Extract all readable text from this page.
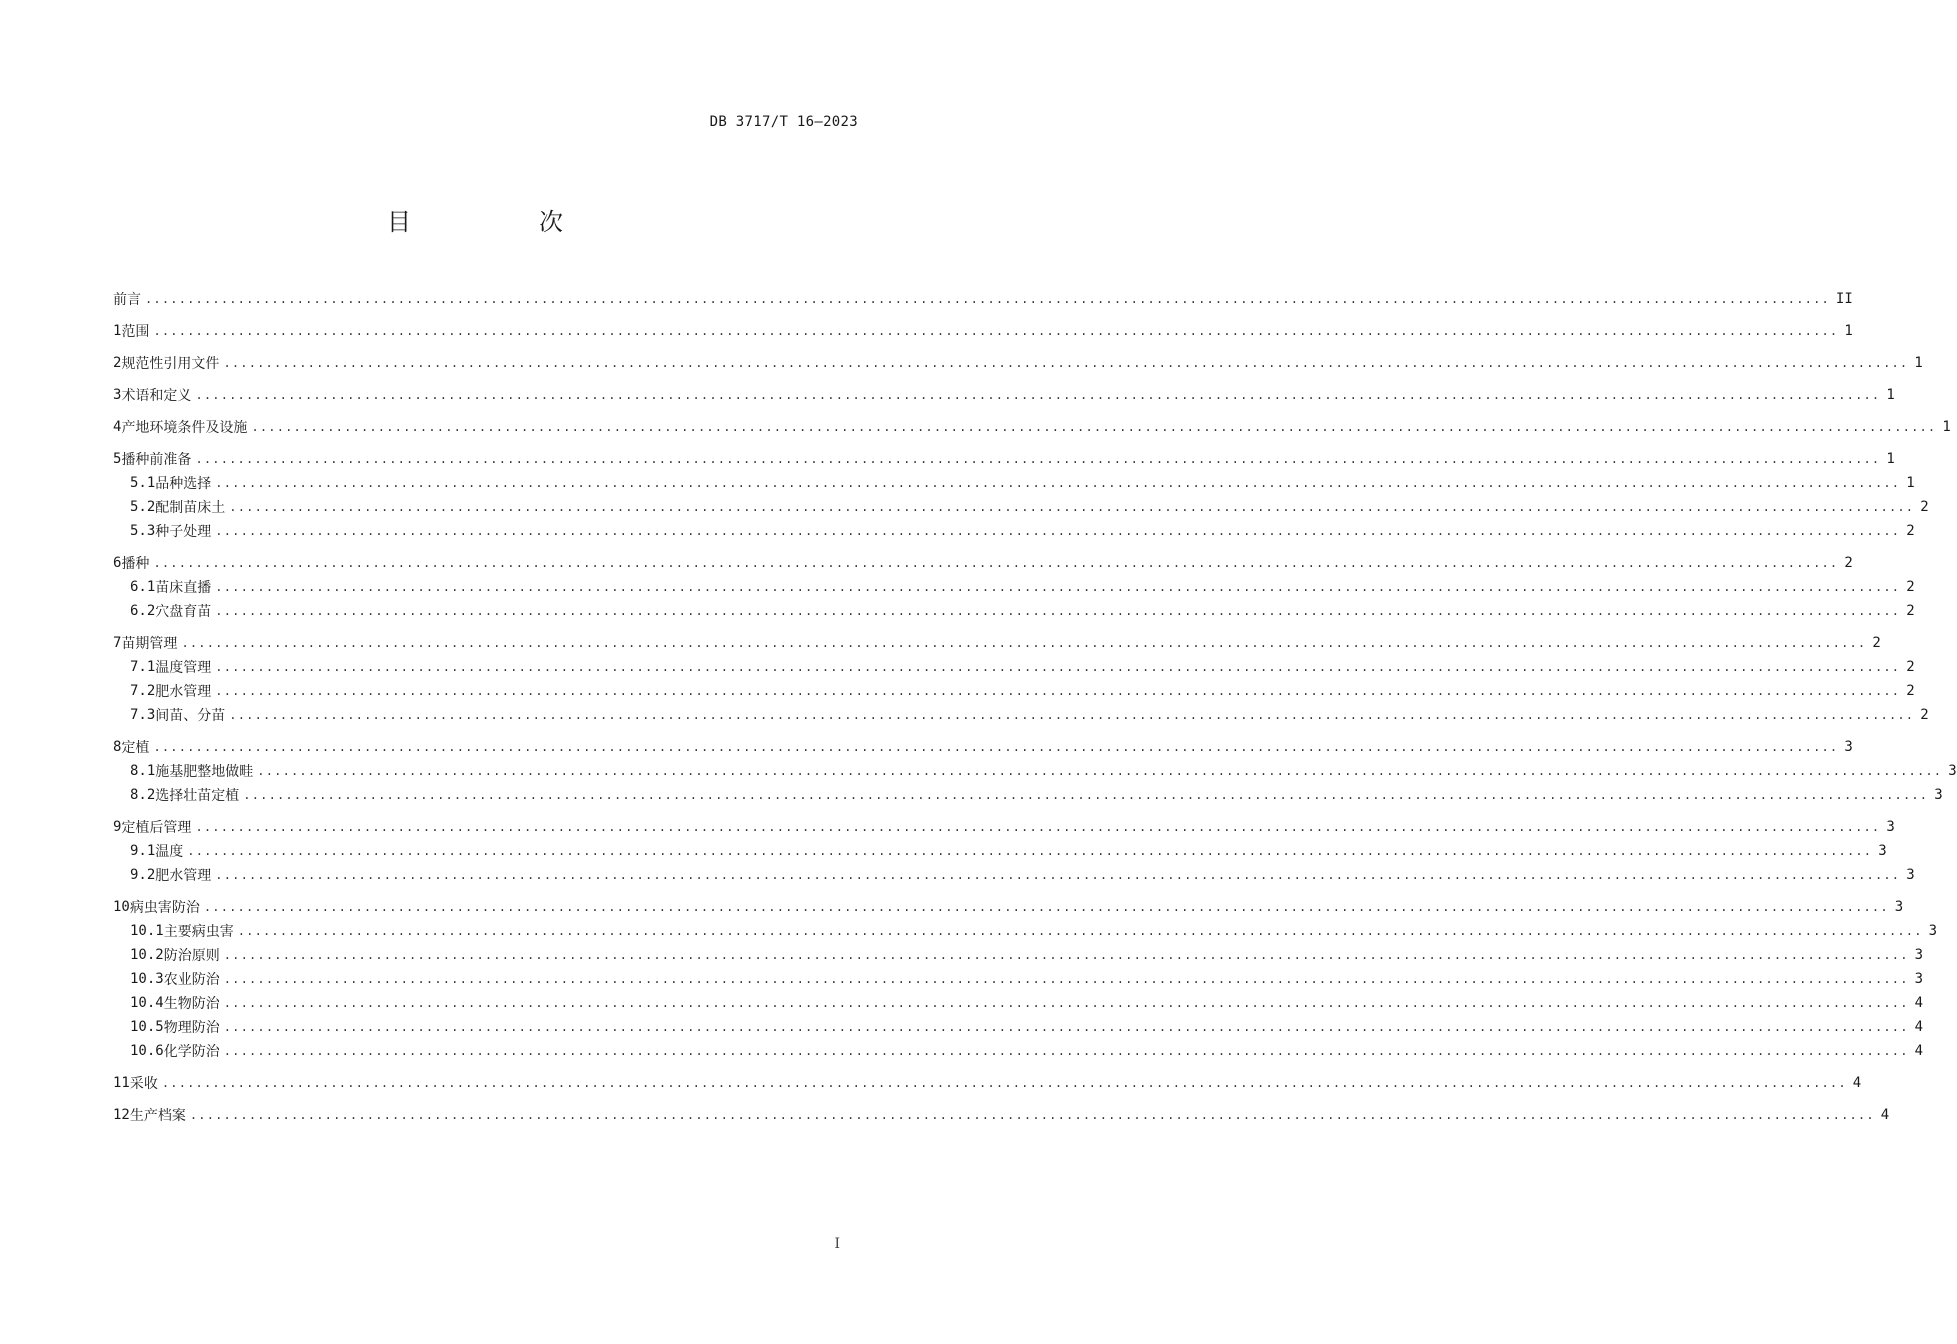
DB 3717/T 16—2023
目　次
前言 ........................................................................................................................................................................................................ II
1 范围 ........................................................................................................................................................................................................ 1
2 规范性引用文件 ........................................................................................................................................................................................................ 1
3 术语和定义 ........................................................................................................................................................................................................ 1
4 产地环境条件及设施 ........................................................................................................................................................................................................ 1
5 播种前准备 ........................................................................................................................................................................................................ 1
5.1 品种选择 ........................................................................................................................................................................................................ 1
5.2 配制苗床土 ........................................................................................................................................................................................................ 2
5.3 种子处理 ........................................................................................................................................................................................................ 2
6 播种 ........................................................................................................................................................................................................ 2
6.1 苗床直播 ........................................................................................................................................................................................................ 2
6.2 穴盘育苗 ........................................................................................................................................................................................................ 2
7 苗期管理 ........................................................................................................................................................................................................ 2
7.1 温度管理 ........................................................................................................................................................................................................ 2
7.2 肥水管理 ........................................................................................................................................................................................................ 2
7.3 间苗、分苗 ........................................................................................................................................................................................................ 2
8 定植 ........................................................................................................................................................................................................ 3
8.1 施基肥整地做畦 ........................................................................................................................................................................................................ 3
8.2 选择壮苗定植 ........................................................................................................................................................................................................ 3
9 定植后管理 ........................................................................................................................................................................................................ 3
9.1 温度 ........................................................................................................................................................................................................ 3
9.2 肥水管理 ........................................................................................................................................................................................................ 3
10 病虫害防治 ........................................................................................................................................................................................................ 3
10.1 主要病虫害 ........................................................................................................................................................................................................ 3
10.2 防治原则 ........................................................................................................................................................................................................ 3
10.3 农业防治 ........................................................................................................................................................................................................ 3
10.4 生物防治 ........................................................................................................................................................................................................ 4
10.5 物理防治 ........................................................................................................................................................................................................ 4
10.6 化学防治 ........................................................................................................................................................................................................ 4
11 采收 ........................................................................................................................................................................................................ 4
12 生产档案 ........................................................................................................................................................................................................ 4
I
